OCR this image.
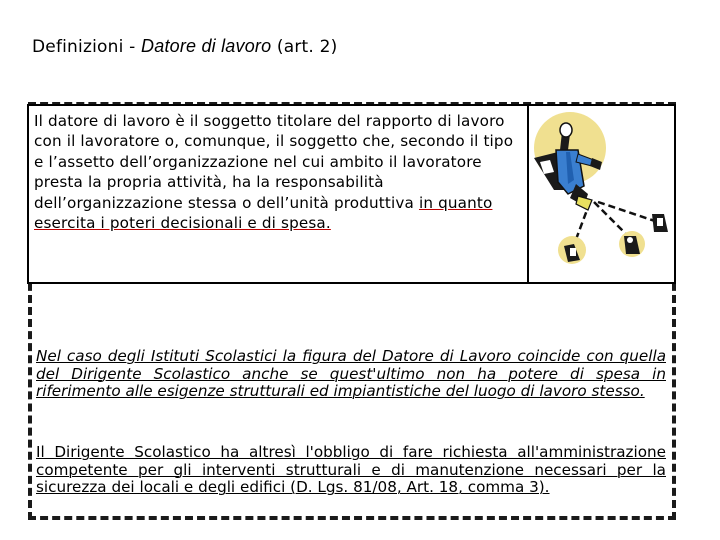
Definizioni - Datore di lavoro (art. 2)
Il datore di lavoro è il soggetto titolare del rapporto di lavoro con il lavoratore o, comunque, il soggetto che, secondo il tipo e l’assetto dell’organizzazione nel cui ambito il lavoratore presta la propria attività, ha la responsabilità dell’organizzazione stessa o dell’unità produttiva in quanto esercita i poteri decisionali e di spesa.
Nel caso degli Istituti Scolastici la figura del Datore di Lavoro coincide con quella del Dirigente Scolastico anche se quest'ultimo non ha potere di spesa in riferimento alle esigenze strutturali ed impiantistiche del luogo di lavoro stesso.
Il Dirigente Scolastico ha altresì l'obbligo di fare richiesta all'amministrazione competente per gli interventi strutturali e di manutenzione necessari per la sicurezza dei locali e degli edifici (D. Lgs. 81/08, Art. 18, comma 3).
